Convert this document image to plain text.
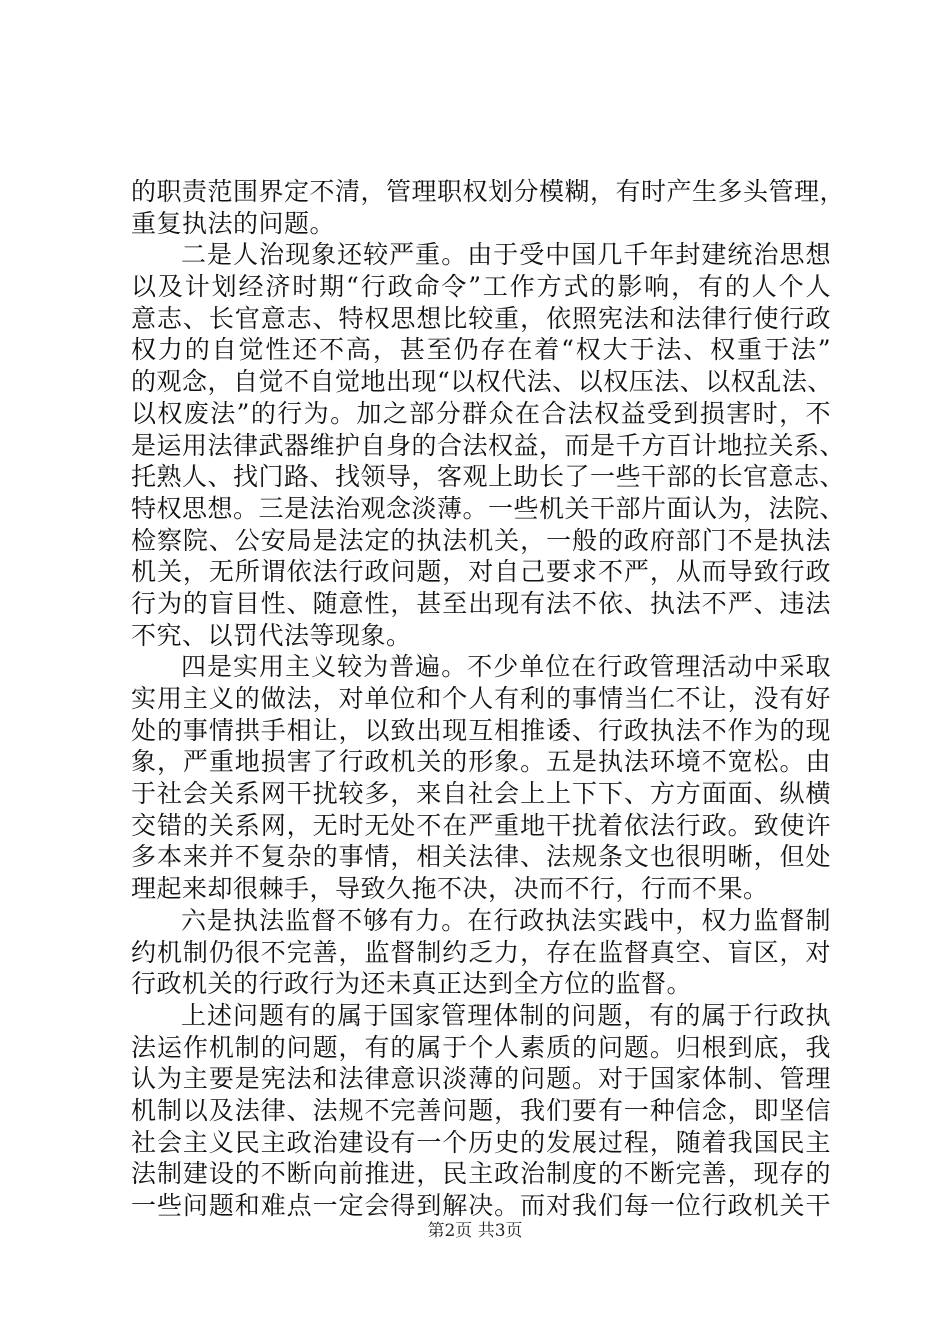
的职责范围界定不清，管理职权划分模糊，有时产生多头管理，
重复执法的问题。
二是人治现象还较严重。由于受中国几千年封建统治思想
以及计划经济时期“行政命令”工作方式的影响，有的人个人
意志、长官意志、特权思想比较重，依照宪法和法律行使行政
权力的自觉性还不高，甚至仍存在着“权大于法、权重于法”
的观念，自觉不自觉地出现“以权代法、以权压法、以权乱法、
以权废法”的行为。加之部分群众在合法权益受到损害时，不
是运用法律武器维护自身的合法权益，而是千方百计地拉关系、
托熟人、找门路、找领导，客观上助长了一些干部的长官意志、
特权思想。三是法治观念淡薄。一些机关干部片面认为，法院、
检察院、公安局是法定的执法机关，一般的政府部门不是执法
机关，无所谓依法行政问题，对自己要求不严，从而导致行政
行为的盲目性、随意性，甚至出现有法不依、执法不严、违法
不究、以罚代法等现象。
四是实用主义较为普遍。不少单位在行政管理活动中采取
实用主义的做法，对单位和个人有利的事情当仁不让，没有好
处的事情拱手相让，以致出现互相推诿、行政执法不作为的现
象，严重地损害了行政机关的形象。五是执法环境不宽松。由
于社会关系网干扰较多，来自社会上上下下、方方面面、纵横
交错的关系网，无时无处不在严重地干扰着依法行政。致使许
多本来并不复杂的事情，相关法律、法规条文也很明晰，但处
理起来却很棘手，导致久拖不决，决而不行，行而不果。
六是执法监督不够有力。在行政执法实践中，权力监督制
约机制仍很不完善，监督制约乏力，存在监督真空、盲区，对
行政机关的行政行为还未真正达到全方位的监督。
上述问题有的属于国家管理体制的问题，有的属于行政执
法运作机制的问题，有的属于个人素质的问题。归根到底，我
认为主要是宪法和法律意识淡薄的问题。对于国家体制、管理
机制以及法律、法规不完善问题，我们要有一种信念，即坚信
社会主义民主政治建设有一个历史的发展过程，随着我国民主
法制建设的不断向前推进，民主政治制度的不断完善，现存的
一些问题和难点一定会得到解决。而对我们每一位行政机关干
第2页 共3页
